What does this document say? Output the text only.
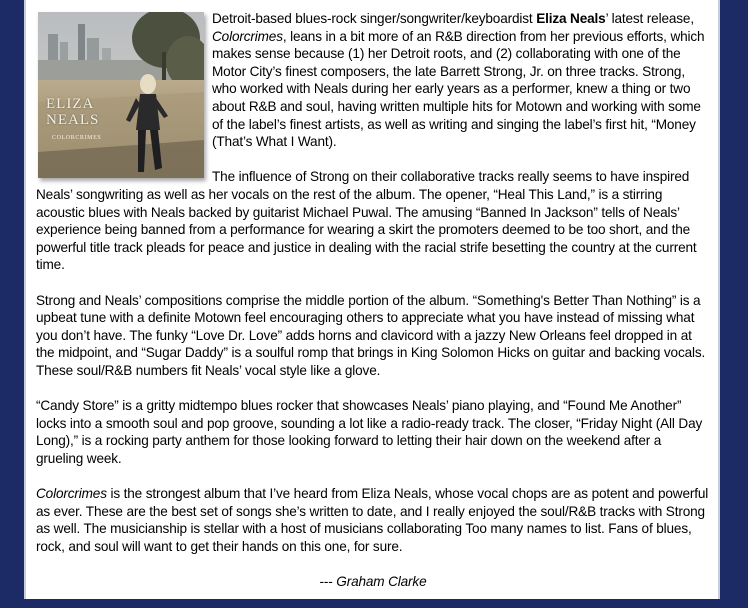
ELIZA NEALS
COLORCRIMES

Detroit-based blues-rock singer/songwriter/keyboardist Eliza Neals’ latest release, Colorcrimes, leans in a bit more of an R&B direction from her previous efforts, which makes sense because (1) her Detroit roots, and (2) collaborating with one of the Motor City’s finest composers, the late Barrett Strong, Jr. on three tracks. Strong, who worked with Neals during her early years as a performer, knew a thing or two about R&B and soul, having written multiple hits for Motown and working with some of the label’s finest artists, as well as writing and singing the label’s first hit, “Money (That’s What I Want).

The influence of Strong on their collaborative tracks really seems to have inspired Neals’ songwriting as well as her vocals on the rest of the album. The opener, “Heal This Land,” is a stirring acoustic blues with Neals backed by guitarist Michael Puwal. The amusing “Banned In Jackson” tells of Neals’ experience being banned from a performance for wearing a skirt the promoters deemed to be too short, and the powerful title track pleads for peace and justice in dealing with the racial strife besetting the country at the current time.

Strong and Neals’ compositions comprise the middle portion of the album. “Something's Better Than Nothing” is a upbeat tune with a definite Motown feel encouraging others to appreciate what you have instead of missing what you don’t have. The funky “Love Dr. Love” adds horns and clavicord with a jazzy New Orleans feel dropped in at the midpoint, and “Sugar Daddy” is a soulful romp that brings in King Solomon Hicks on guitar and backing vocals. These soul/R&B numbers fit Neals’ vocal style like a glove.

“Candy Store” is a gritty midtempo blues rocker that showcases Neals’ piano playing, and “Found Me Another” locks into a smooth soul and pop groove, sounding a lot like a radio-ready track. The closer, “Friday Night (All Day Long),” is a rocking party anthem for those looking forward to letting their hair down on the weekend after a grueling week.

Colorcrimes is the strongest album that I’ve heard from Eliza Neals, whose vocal chops are as potent and powerful as ever. These are the best set of songs she’s written to date, and I really enjoyed the soul/R&B tracks with Strong as well. The musicianship is stellar with a host of musicians collaborating Too many names to list. Fans of blues, rock, and soul will want to get their hands on this one, for sure.

--- Graham Clarke
